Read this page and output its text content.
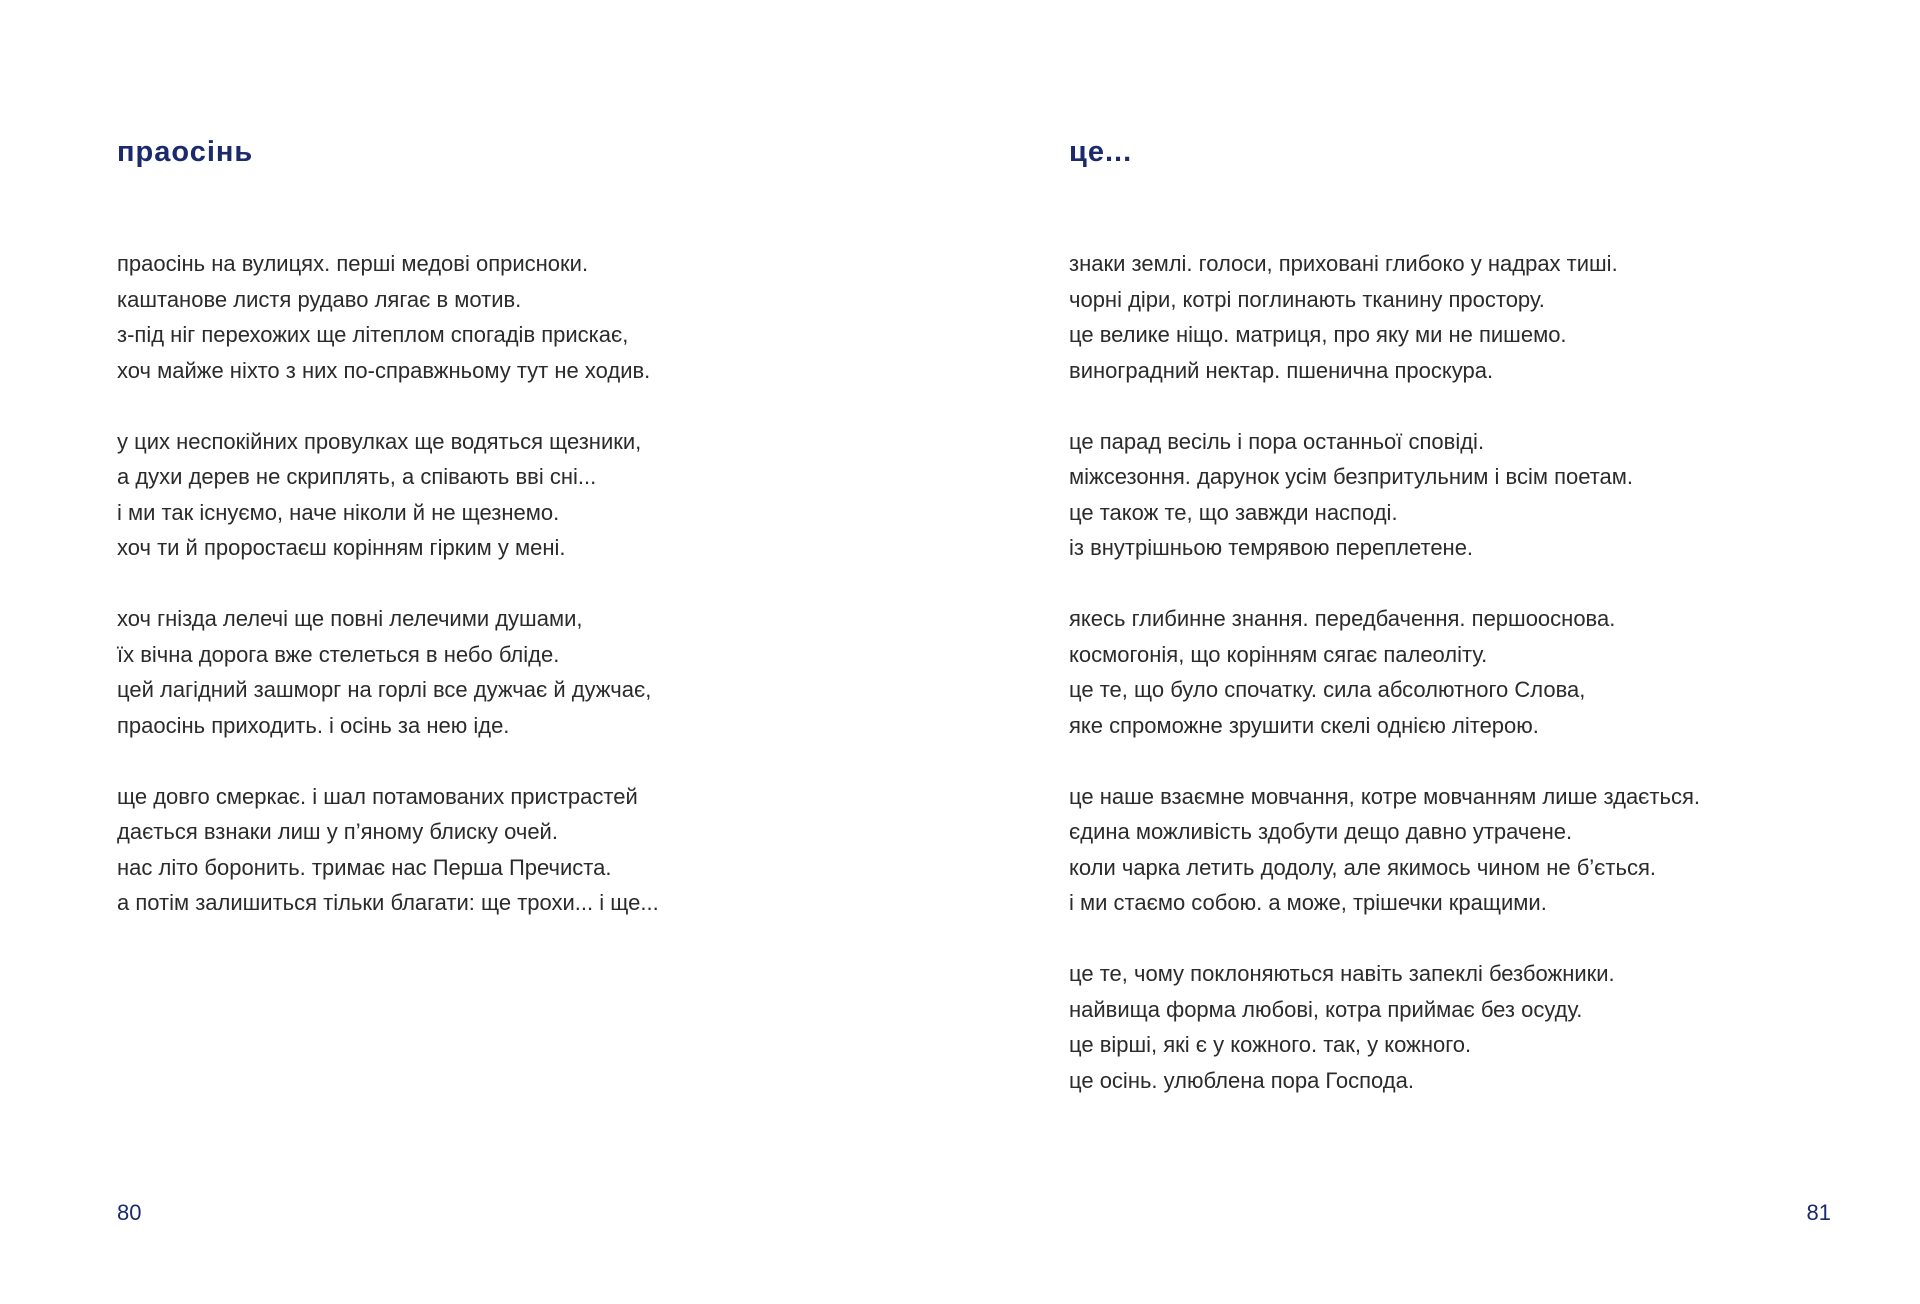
праосінь
праосінь на вулицях. перші медові оприсноки.
каштанове листя рудаво лягає в мотив.
з-під ніг перехожих ще літеплом спогадів прискає,
хоч майже ніхто з них по-справжньому тут не ходив.
у цих неспокійних провулках ще водяться щезники,
а духи дерев не скриплять, а співають вві сні...
і ми так існуємо, наче ніколи й не щезнемо.
хоч ти й проростаєш корінням гірким у мені.
хоч гнізда лелечі ще повні лелечими душами,
їх вічна дорога вже стелеться в небо бліде.
цей лагідний зашморг на горлі все дужчає й дужчає,
праосінь приходить. і осінь за нею іде.
ще довго смеркає. і шал потамованих пристрастей
дається взнаки лиш у п’яному блиску очей.
нас літо боронить. тримає нас Перша Пречиста.
а потім залишиться тільки благати: ще трохи... і ще...
80
це...
знаки землі. голоси, приховані глибоко у надрах тиші.
чорні діри, котрі поглинають тканину простору.
це велике ніщо. матриця, про яку ми не пишемо.
виноградний нектар. пшенична проскура.
це парад весіль і пора останньої сповіді.
міжсезоння. дарунок усім безпритульним і всім поетам.
це також те, що завжди насподі.
із внутрішньою темрявою переплетене.
якесь глибинне знання. передбачення. першооснова.
космогонія, що корінням сягає палеоліту.
це те, що було спочатку. сила абсолютного Слова,
яке спроможне зрушити скелі однією літерою.
це наше взаємне мовчання, котре мовчанням лише здається.
єдина можливість здобути дещо давно утрачене.
коли чарка летить додолу, але якимось чином не б’ється.
і ми стаємо собою. а може, трішечки кращими.
це те, чому поклоняються навіть запеклі безбожники.
найвища форма любові, котра приймає без осуду.
це вірші, які є у кожного. так, у кожного.
це осінь. улюблена пора Господа.
81
